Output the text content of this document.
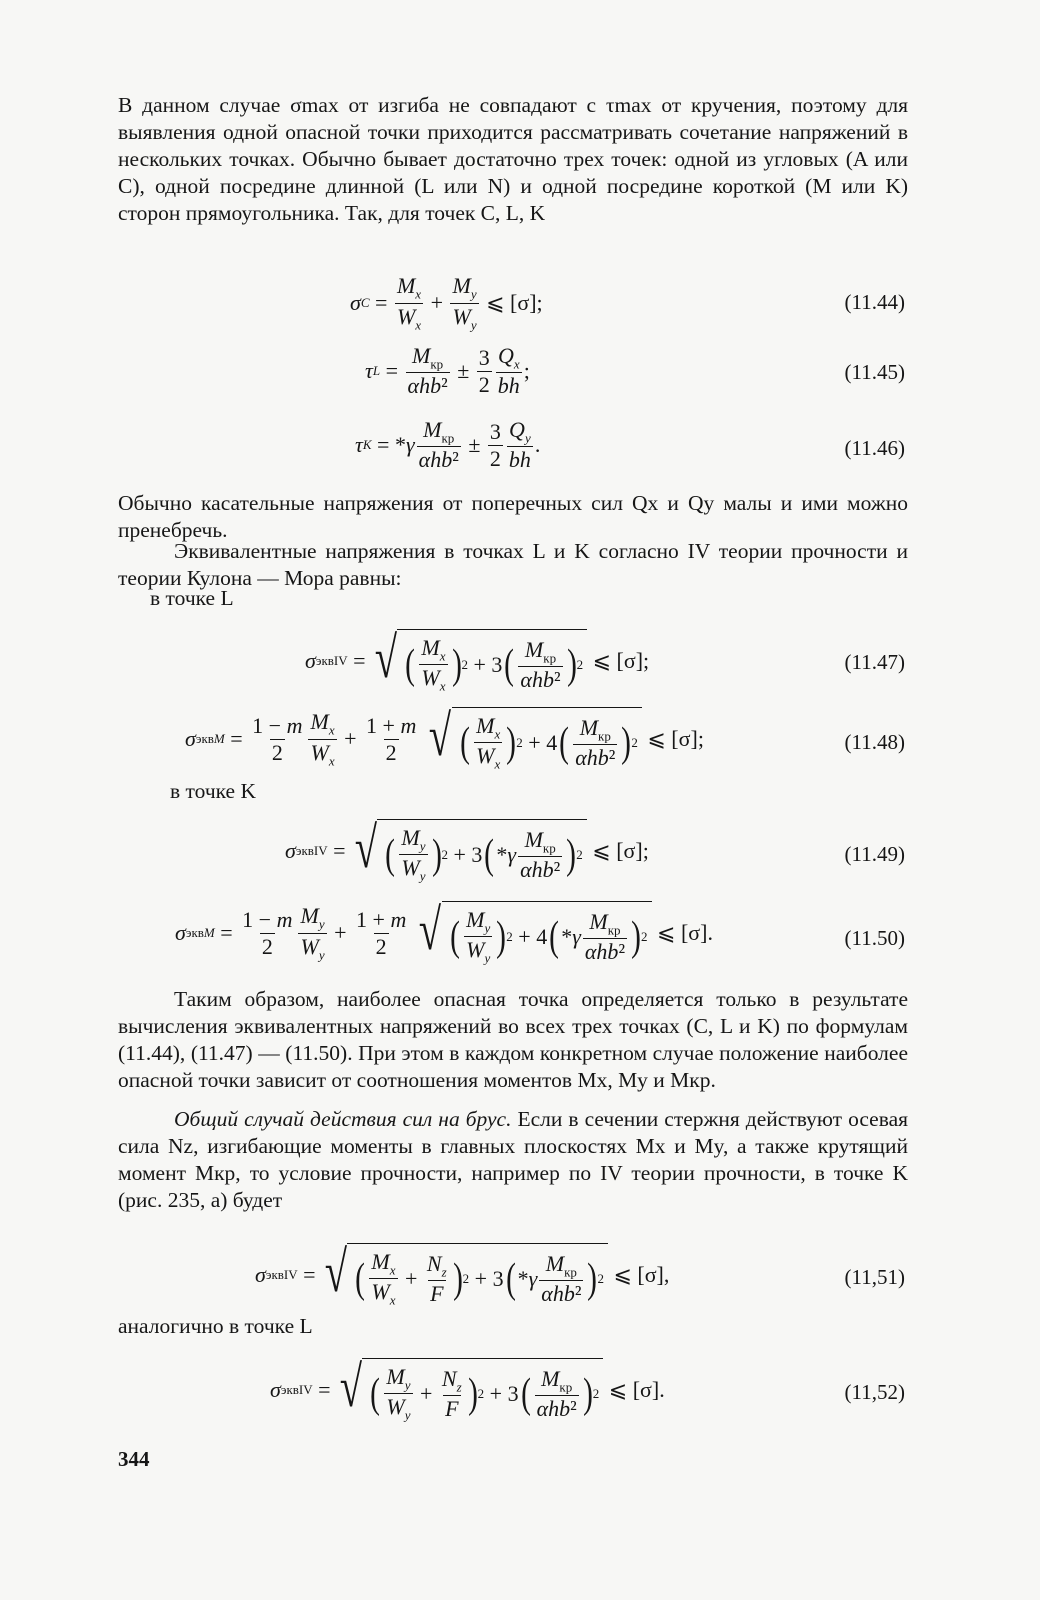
В данном случае σmax от изгиба не совпадают с τmax от кручения, поэтому для выявления одной опасной точки приходится рассматривать сочетание напряжений в нескольких точках. Обычно бывает достаточно трех точек: одной из угловых (A или C), одной посредине длинной (L или N) и одной посредине короткой (M или K) сторон прямоугольника. Так, для точек C, L, K

σ C =
$M_x$
$W_x$
+
$M_y$
$W_y$
⩽ [σ];	(11.44)
τ L =
$M_{кр}$
αhb²
±
3
2
$Q_x$
bh
;	(11.45)
τ K = * γ
$M_{кр}$
αhb²
±
3
2
$Q_y$
bh
.	(11.46)

Обычно касательные напряжения от поперечных сил Qx и Qy малы и ими можно пренебречь.

Эквивалентные напряжения в точках L и K согласно IV теории прочности и теории Кулона — Мора равны:

в точке L

σ эквIV = √ ( $M_x$
$W_x$ ) 2 + 3 ( $M_{кр}$
αhb² ) 2 ⩽ [σ];	(11.47)
σ эквM =
1 − m
2
$M_x$
$W_x$
+
1 + m
2 √ ( $M_x$
$W_x$ ) 2 + 4 ( $M_{кр}$
αhb² ) 2 ⩽ [σ];	(11.48)

в точке K

σ эквIV = √ ( $M_y$
$W_y$ ) 2 + 3 ( * γ
$M_{кр}$
αhb² ) 2 ⩽ [σ];	(11.49)
σ эквM =
1 − m
2
$M_y$
$W_y$
+
1 + m
2 √ ( $M_y$
$W_y$ ) 2 + 4 ( * γ
$M_{кр}$
αhb² ) 2 ⩽ [σ].	(11.50)

Таким образом, наиболее опасная точка определяется только в результате вычисления эквивалентных напряжений во всех трех точках (C, L и K) по формулам (11.44), (11.47) — (11.50). При этом в каждом конкретном случае положение наиболее опасной точки зависит от соотношения моментов Mx, My и Mкр.

Общий случай действия сил на брус. Если в сечении стержня действуют осевая сила Nz, изгибающие моменты в главных плоскостях Mx и My, а также крутящий момент Mкр, то условие прочности, например по IV теории прочности, в точке K (рис. 235, a) будет

σ эквIV = √ ( $M_x$
$W_x$
+
$N_z$
F ) 2 + 3 ( * γ
$M_{кр}$
αhb² ) 2 ⩽ [σ],	(11,51)

аналогично в точке L

σ эквIV = √ ( $M_y$
$W_y$
+
$N_z$
F ) 2 + 3 ( $M_{кр}$
αhb² ) 2 ⩽ [σ].	(11,52)
344
